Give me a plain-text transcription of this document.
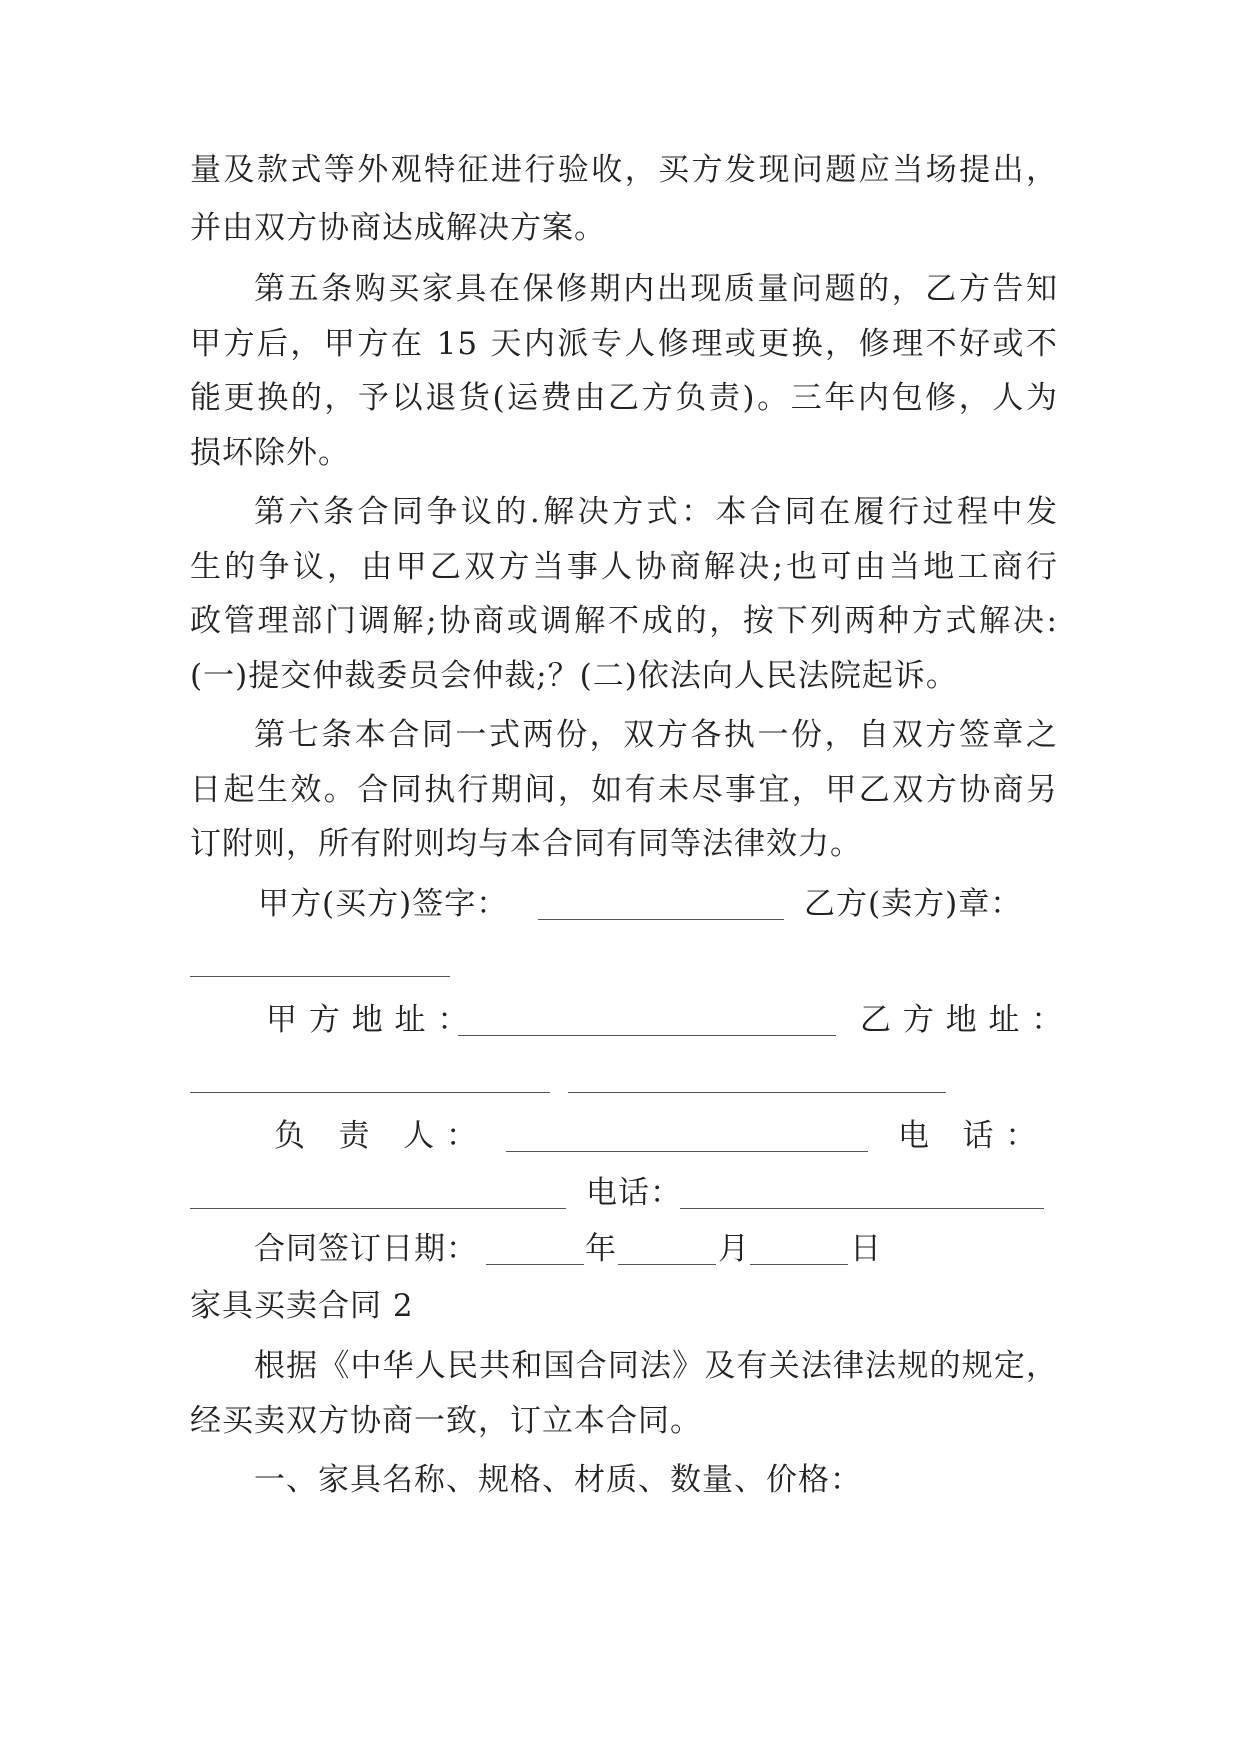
量及款式等外观特征进行验收，买方发现问题应当场提出，
并由双方协商达成解决方案。
第五条购买家具在保修期内出现质量问题的，乙方告知
甲方后，甲方在 15 天内派专人修理或更换，修理不好或不
能更换的，予以退货(运费由乙方负责)。三年内包修，人为
损坏除外。
第六条合同争议的.解决方式：本合同在履行过程中发
生的争议，由甲乙双方当事人协商解决;也可由当地工商行
政管理部门调解;协商或调解不成的，按下列两种方式解决:
(一)提交仲裁委员会仲裁;？(二)依法向人民法院起诉。
第七条本合同一式两份，双方各执一份，自双方签章之
日起生效。合同执行期间，如有未尽事宜，甲乙双方协商另
订附则，所有附则均与本合同有同等法律效力。
甲方(买方)签字：	乙方(卖方)章：
甲 方 地 址 ：	乙 方 地 址 ：
负   责   人 ：	电   话 ：
电话：
合同签订日期：	年	月	日
家具买卖合同 2
根据《中华人民共和国合同法》及有关法律法规的规定，
经买卖双方协商一致，订立本合同。
一、家具名称、规格、材质、数量、价格：
